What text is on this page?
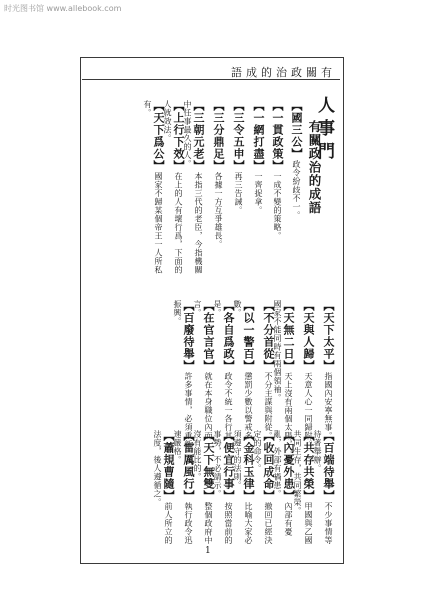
时光图书馆 www.allebook.com
語成的治政關有
人事門
有關政治的成語
1
【國三公】政令紛歧不一。
【一貫政策】一成不變的策略。
【一網打盡】一齊捉拿。
【三令五申】再三告誡。
【三分鼎足】各據一方互爭雄長。
【三朝元老】本指三代的老臣，今指機關中任事最久的人。
【上行下效】在上的人有壞行爲，下面的人就效法。
【天下爲公】國家不歸某個帝王一人所私有。
【天下太平】指國內安寧無事。
【天與人歸】天意人心一同歸附。
【天無二日】天上沒有兩個太陽，國家不能同時有兩個領袖。
【不分首從】不分主謀與附從。
【以一警百】懲罰少數以警戒多數。
【各自爲政】政令不統一各行其是。
【在官言官】就在本身職位內而言。
【百廢待舉】許多事情，必須重新振興。
【百端待舉】不少事情等待著舉辦。
【共存共榮】甲國與乙國共同生存，共同繁榮。
【內憂外患】內部有憂亂，外部有禍患。
【收回成命】撤回已經決定的命令。
【金科玉律】比喻大家必須遵守的法則。
【便宜行事】按照當前的事勢，不必請示。
【天下無雙】整個政府中沒有能比的。
【雷厲風行】執行政令迅速嚴格。
【蕭規曹隨】前人所立的法度，後人遵循之。
